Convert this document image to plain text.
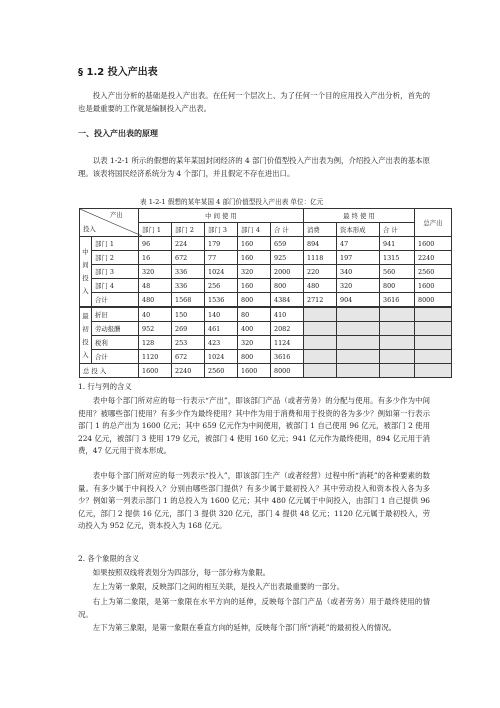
§ 1.2 投入产出表

投入产出分析的基础是投入产出表。在任何一个层次上、为了任何一个目的应用投入产出分析，首先的也是最重要的工作就是编制投入产出表。

一、投入产出表的原理

以表 1-2-1 所示的假想的某年某国封闭经济的 4 部门价值型投入产出表为例，介绍投入产出表的基本原理。该表将国民经济系统分为 4 个部门，并且假定不存在进出口。

表 1-2-1 假想的某年某国 4 部门价值型投入产出表 单位：亿元
产出
投入		中 间 使 用					最 终 使 用			总产出
		部门 1	部门 2	部门 3	部门 4	合 计	消费	资本形成	合 计	
中间投入	部门 1	96	224	179	160	659	894	47	941	1600
	部门 2	16	672	77	160	925	1118	197	1315	2240
	部门 3	320	336	1024	320	2000	220	340	560	2560
	部门 4	48	336	256	160	800	480	320	800	1600
	合计	480	1568	1536	800	4384	2712	904	3616	8000
最初投入	折旧	40	150	140	80	410				
	劳动报酬	952	269	461	400	2082				
	税利	128	253	423	320	1124				
	合计	1120	672	1024	800	3616				
总 投 入		1600	2240	2560	1600	8000				

1. 行与列的含义

表中每个部门所对应的每一行表示“产出”，即该部门产品（或者劳务）的分配与使用。有多少作为中间使用？被哪些部门使用？有多少作为最终使用？其中作为用于消费和用于投资的各为多少？例如第一行表示部门 1 的总产出为 1600 亿元；其中 659 亿元作为中间使用，被部门 1 自己使用 96 亿元，被部门 2 使用 224 亿元，被部门 3 使用 179 亿元，被部门 4 使用 160 亿元；941 亿元作为最终使用，894 亿元用于消费，47 亿元用于资本形成。

表中每个部门所对应的每一列表示“投入”，即该部门生产（或者经营）过程中所“消耗”的各种要素的数量。有多少属于中间投入？分别由哪些部门提供？有多少属于最初投入？其中劳动投入和资本投入各为多少？例如第一列表示部门 1 的总投入为 1600 亿元；其中 480 亿元属于中间投入，由部门 1 自己提供 96 亿元，部门 2 提供 16 亿元，部门 3 提供 320 亿元，部门 4 提供 48 亿元；1120 亿元属于最初投入，劳动投入为 952 亿元，资本投入为 168 亿元。

2. 各个象限的含义

如果按照双线将表划分为四部分，每一部分称为象限。

左上为第一象限，反映部门之间的相互关联，是投入产出表最重要的一部分。

右上为第二象限，是第一象限在水平方向的延伸，反映每个部门产品（或者劳务）用于最终使用的情况。

左下为第三象限，是第一象限在垂直方向的延伸，反映每个部门所“消耗”的最初投入的情况。
